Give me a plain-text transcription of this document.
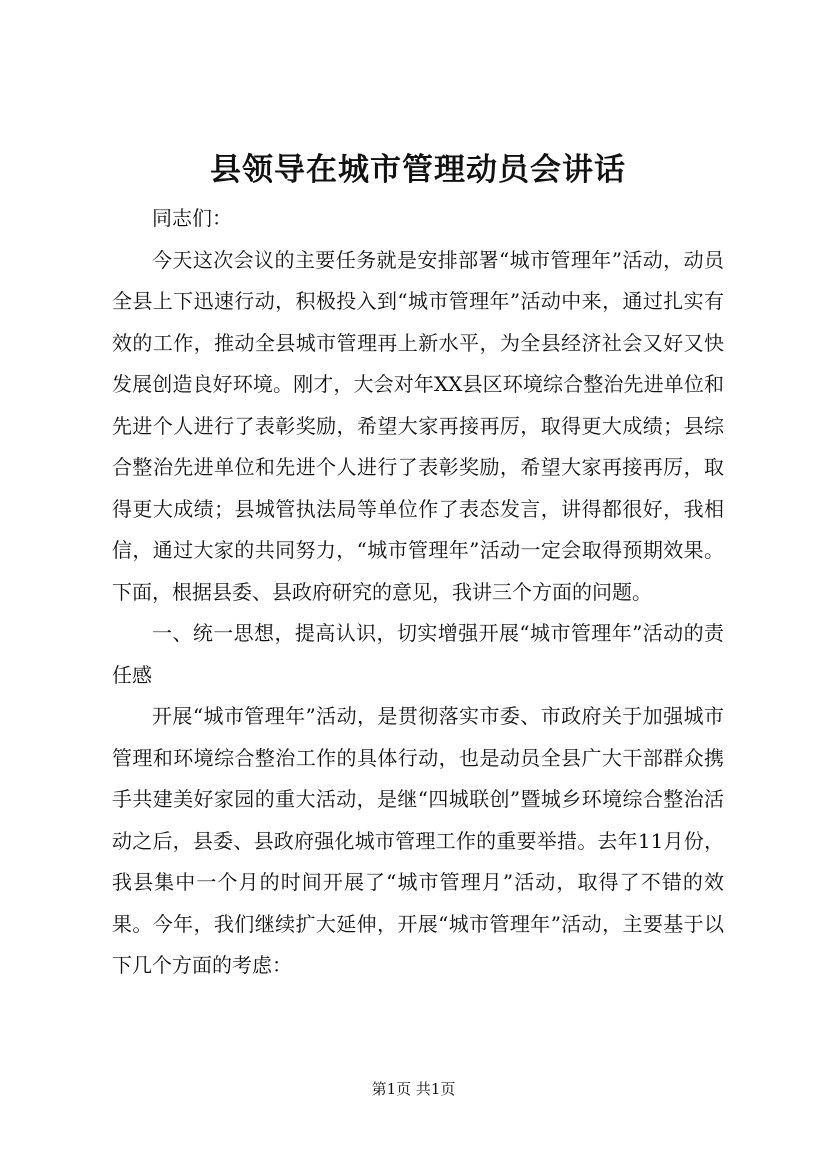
县领导在城市管理动员会讲话

同志们：

今天这次会议的主要任务就是安排部署“城市管理年”活动，动员全县上下迅速行动，积极投入到“城市管理年”活动中来，通过扎实有效的工作，推动全县城市管理再上新水平，为全县经济社会又好又快发展创造良好环境。刚才，大会对年XX县区环境综合整治先进单位和先进个人进行了表彰奖励，希望大家再接再厉，取得更大成绩；县综合整治先进单位和先进个人进行了表彰奖励，希望大家再接再厉，取得更大成绩；县城管执法局等单位作了表态发言，讲得都很好，我相信，通过大家的共同努力，“城市管理年”活动一定会取得预期效果。下面，根据县委、县政府研究的意见，我讲三个方面的问题。

一、统一思想，提高认识，切实增强开展“城市管理年”活动的责任感

开展“城市管理年”活动，是贯彻落实市委、市政府关于加强城市管理和环境综合整治工作的具体行动，也是动员全县广大干部群众携手共建美好家园的重大活动，是继“四城联创”暨城乡环境综合整治活动之后，县委、县政府强化城市管理工作的重要举措。去年11月份，我县集中一个月的时间开展了“城市管理月”活动，取得了不错的效果。今年，我们继续扩大延伸，开展“城市管理年”活动，主要基于以下几个方面的考虑：

第1页 共1页
